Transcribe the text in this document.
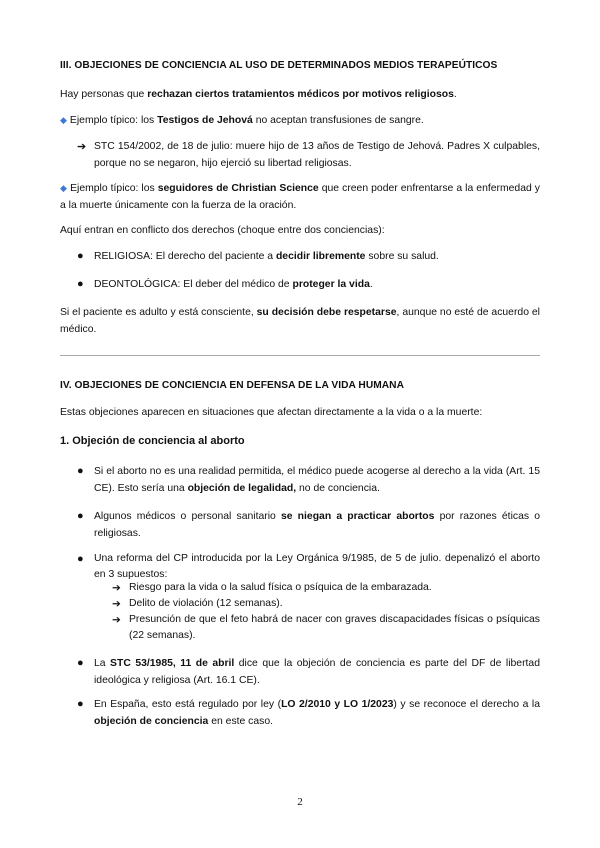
III. OBJECIONES DE CONCIENCIA AL USO DE DETERMINADOS MEDIOS TERAPEÚTICOS

Hay personas que rechazan ciertos tratamientos médicos por motivos religiosos.

◆ Ejemplo típico: los Testigos de Jehová no aceptan transfusiones de sangre.

➔ STC 154/2002, de 18 de julio: muere hijo de 13 años de Testigo de Jehová. Padres X culpables, porque no se negaron, hijo ejerció su libertad religiosas.

◆ Ejemplo típico: los seguidores de Christian Science que creen poder enfrentarse a la enfermedad y a la muerte únicamente con la fuerza de la oración.

Aquí entran en conflicto dos derechos (choque entre dos conciencias):

● RELIGIOSA: El derecho del paciente a decidir libremente sobre su salud.

● DEONTOLÓGICA: El deber del médico de proteger la vida.

Si el paciente es adulto y está consciente, su decisión debe respetarse, aunque no esté de acuerdo el médico.

IV. OBJECIONES DE CONCIENCIA EN DEFENSA DE LA VIDA HUMANA

Estas objeciones aparecen en situaciones que afectan directamente a la vida o a la muerte:

1. Objeción de conciencia al aborto
● Si el aborto no es una realidad permitida, el médico puede acogerse al derecho a la vida (Art. 15 CE). Esto sería una objeción de legalidad, no de conciencia.

● Algunos médicos o personal sanitario se niegan a practicar abortos por razones éticas o religiosas.

● Una reforma del CP introducida por la Ley Orgánica 9/1985, de 5 de julio. depenalizó el aborto en 3 supuestos:

➔ Riesgo para la vida o la salud física o psíquica de la embarazada.

➔ Delito de violación (12 semanas).

➔ Presunción de que el feto habrá de nacer con graves discapacidades físicas o psíquicas (22 semanas).

● La STC 53/1985, 11 de abril dice que la objeción de conciencia es parte del DF de libertad ideológica y religiosa (Art. 16.1 CE).

● En España, esto está regulado por ley (LO 2/2010 y LO 1/2023) y se reconoce el derecho a la objeción de conciencia en este caso.

2
